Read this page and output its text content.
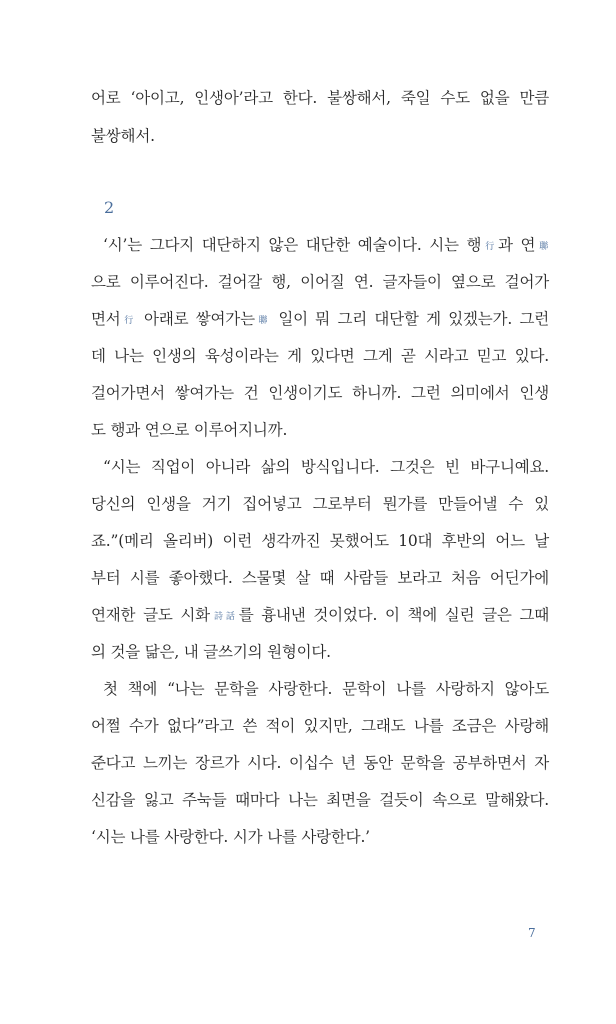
어로 ‘아이고, 인생아’라고 한다. 불쌍해서, 죽일 수도 없을 만큼
불쌍해서.
2
‘시’는 그다지 대단하지 않은 대단한 예술이다. 시는 행行과 연聯
으로 이루어진다. 걸어갈 행, 이어질 연. 글자들이 옆으로 걸어가
면서行 아래로 쌓여가는聯 일이 뭐 그리 대단할 게 있겠는가. 그런
데 나는 인생의 육성이라는 게 있다면 그게 곧 시라고 믿고 있다.
걸어가면서 쌓여가는 건 인생이기도 하니까. 그런 의미에서 인생
도 행과 연으로 이루어지니까.
“시는 직업이 아니라 삶의 방식입니다. 그것은 빈 바구니예요.
당신의 인생을 거기 집어넣고 그로부터 뭔가를 만들어낼 수 있
죠.”(메리 올리버) 이런 생각까진 못했어도 10대 후반의 어느 날
부터 시를 좋아했다. 스물몇 살 때 사람들 보라고 처음 어딘가에
연재한 글도 시화詩話를 흉내낸 것이었다. 이 책에 실린 글은 그때
의 것을 닮은, 내 글쓰기의 원형이다.
첫 책에 “나는 문학을 사랑한다. 문학이 나를 사랑하지 않아도
어쩔 수가 없다”라고 쓴 적이 있지만, 그래도 나를 조금은 사랑해
준다고 느끼는 장르가 시다. 이십수 년 동안 문학을 공부하면서 자
신감을 잃고 주눅들 때마다 나는 최면을 걸듯이 속으로 말해왔다.
‘시는 나를 사랑한다. 시가 나를 사랑한다.’
7
